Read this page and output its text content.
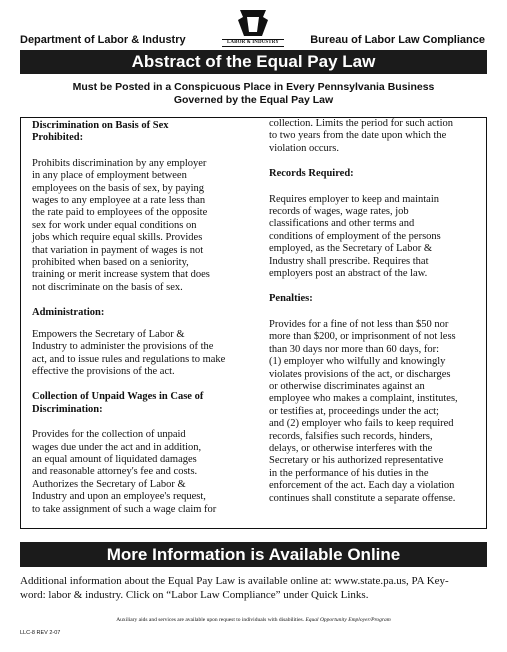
Department of Labor & Industry	LABOR & INDUSTRY	Bureau of Labor Law Compliance
Abstract of the Equal Pay Law
Must be Posted in a Conspicuous Place in Every Pennsylvania Business
Governed by the Equal Pay Law
Discrimination on Basis of Sex Prohibited:

Prohibits discrimination by any employer

in any place of employment between

employees on the basis of sex, by paying

wages to any employee at a rate less than

the rate paid to employees of the opposite

sex for work under equal conditions on

jobs which require equal skills. Provides

that variation in payment of wages is not

prohibited when based on a seniority,

training or merit increase system that does

not discriminate on the basis of sex.

Administration:

Empowers the Secretary of Labor &

Industry to administer the provisions of the

act, and to issue rules and regulations to make

effective the provisions of the act.

Collection of Unpaid Wages in Case of
Discrimination:

Provides for the collection of unpaid

wages due under the act and in addition,

an equal amount of liquidated damages

and reasonable attorney's fee and costs.

Authorizes the Secretary of Labor &

Industry and upon an employee's request,

to take assignment of such a wage claim for

collection. Limits the period for such action

to two years from the date upon which the

violation occurs.

Records Required:

Requires employer to keep and maintain

records of wages, wage rates, job

classifications and other terms and

conditions of employment of the persons

employed, as the Secretary of Labor &

Industry shall prescribe. Requires that

employers post an abstract of the law.

Penalties:

Provides for a fine of not less than $50 nor

more than $200, or imprisonment of not less

than 30 days nor more than 60 days, for:

(1) employer who wilfully and knowingly

violates provisions of the act, or discharges

or otherwise discriminates against an

employee who makes a complaint, institutes,

or testifies at, proceedings under the act;

and (2) employer who fails to keep required

records, falsifies such records, hinders,

delays, or otherwise interferes with the

Secretary or his authorized representative

in the performance of his duties in the

enforcement of the act. Each day a violation

continues shall constitute a separate offense.

More Information is Available Online
Additional information about the Equal Pay Law is available online at: www.state.pa.us, PA Key-
word: labor & industry. Click on “Labor Law Compliance” under Quick Links.
Auxiliary aids and services are available upon request to individuals with disabilities. Equal Opportunity Employer/Program
LLC-8 REV 2-07
